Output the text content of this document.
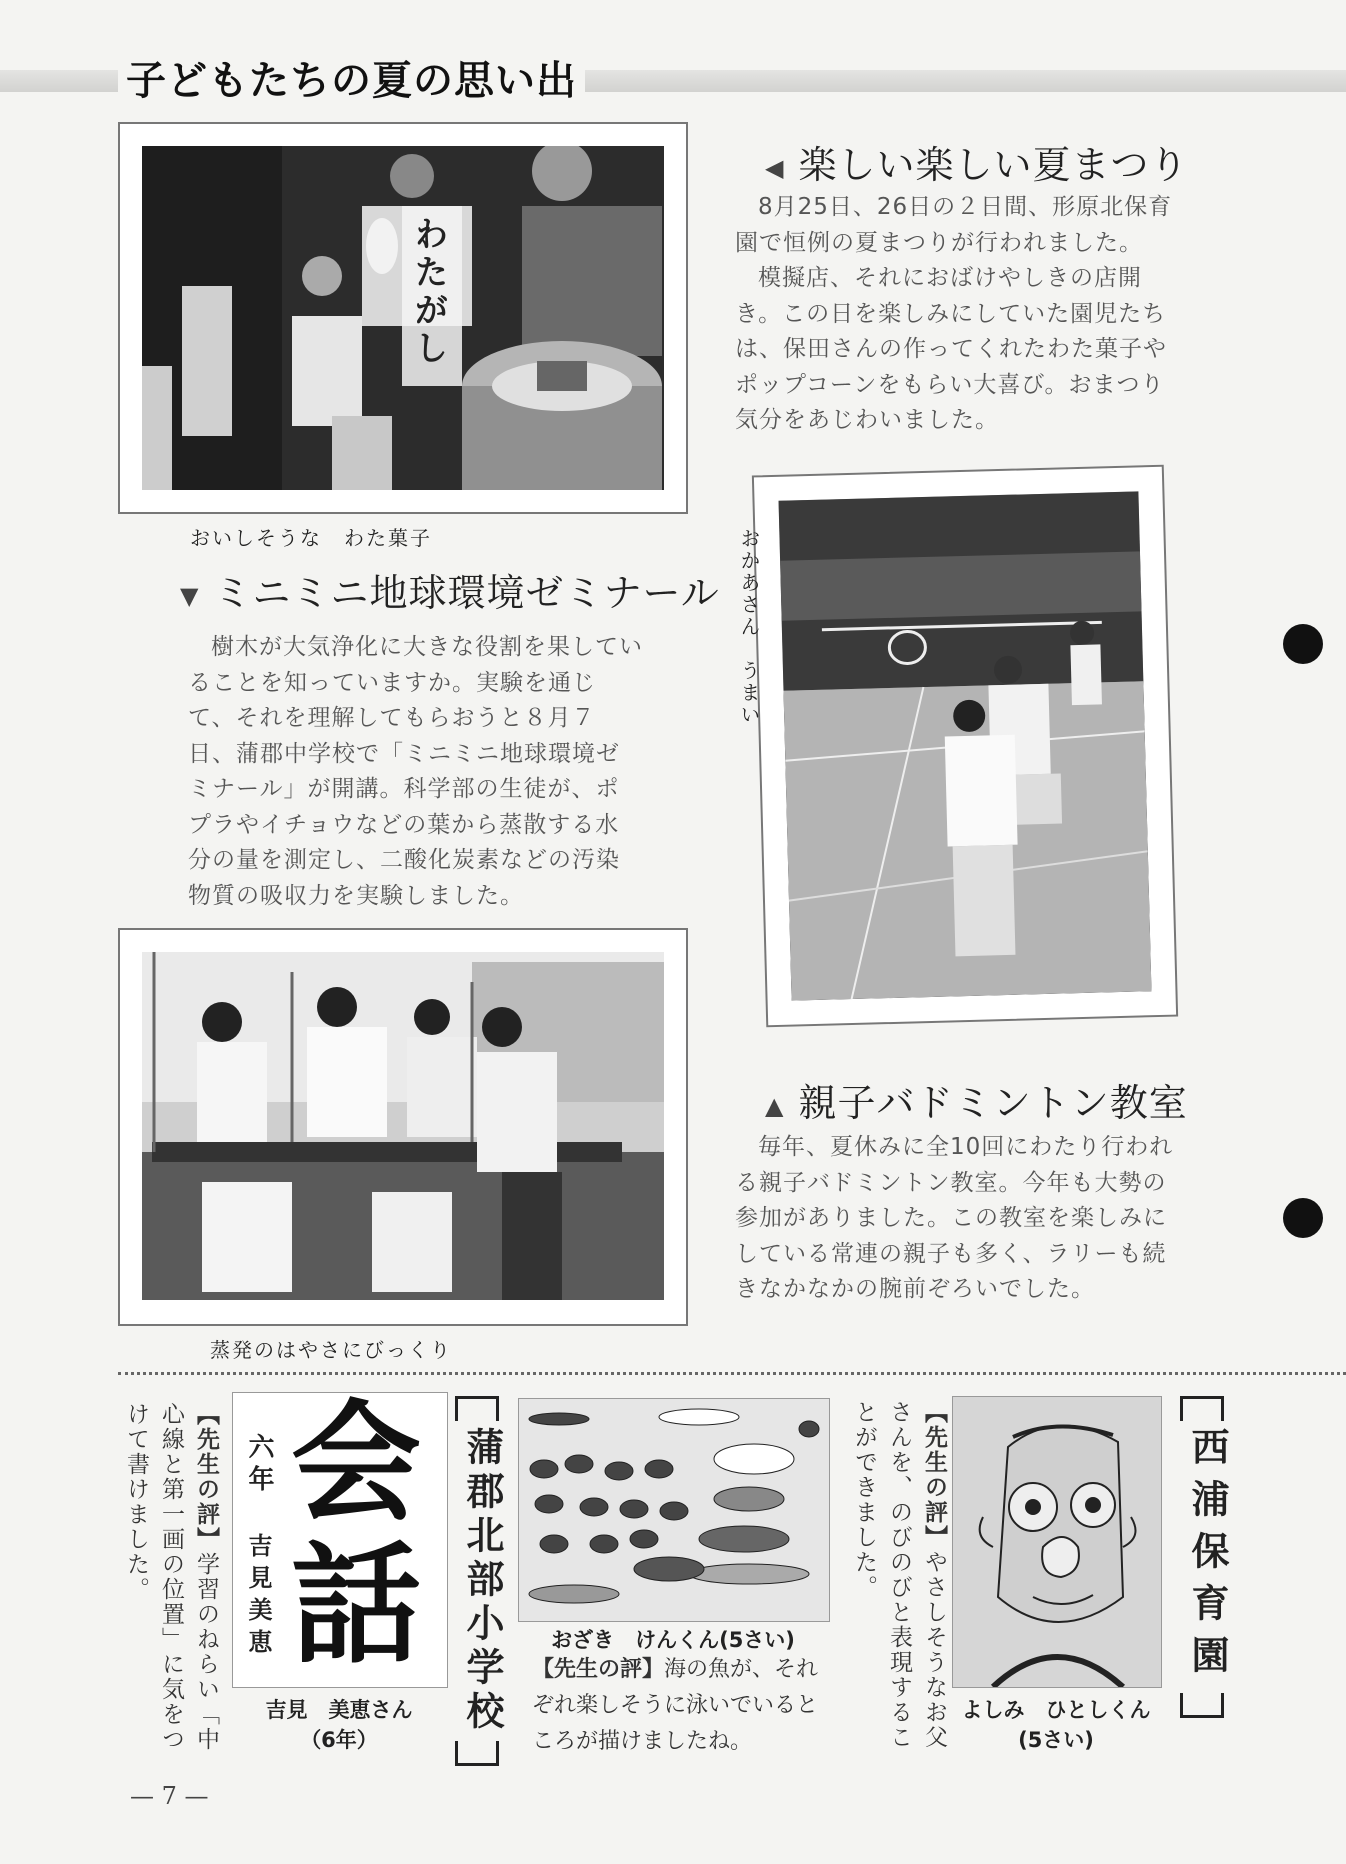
子どもたちの夏の思い出
わたがし
おいしそうな　わた菓子
◀ 楽しい楽しい夏まつり

8月25日、26日の２日間、形原北保育園で恒例の夏まつりが行われました。

模擬店、それにおばけやしきの店開き。この日を楽しみにしていた園児たちは、保田さんの作ってくれたわた菓子やポップコーンをもらい大喜び。おまつり気分をあじわいました。

▼ ミニミニ地球環境ゼミナール

樹木が大気浄化に大きな役割を果していることを知っていますか。実験を通じて、それを理解してもらおうと８月７日、蒲郡中学校で「ミニミニ地球環境ゼミナール」が開講。科学部の生徒が、ポプラやイチョウなどの葉から蒸散する水分の量を測定し、二酸化炭素などの汚染物質の吸収力を実験しました。

おかあさん　うまい
蒸発のはやさにびっくり
▲ 親子バドミントン教室

毎年、夏休みに全10回にわたり行われる親子バドミントン教室。今年も大勢の参加がありました。この教室を楽しみにしている常連の親子も多く、ラリーも続きなかなかの腕前ぞろいでした。

【先生の評】学習のねらい「中心線と第一画の位置」に気をつけて書けました。	六年
吉見美恵
会
話
吉見　美恵さん
（6年）
蒲郡北部小学校	おざき　けんくん(5さい)
【先生の評】海の魚が、それぞれ楽しそうに泳いでいるところが描けましたね。
【先生の評】やさしそうなお父さんを、のびのびと表現することができました。
よしみ　ひとしくん
(5さい)
西浦保育園
— 7 —
